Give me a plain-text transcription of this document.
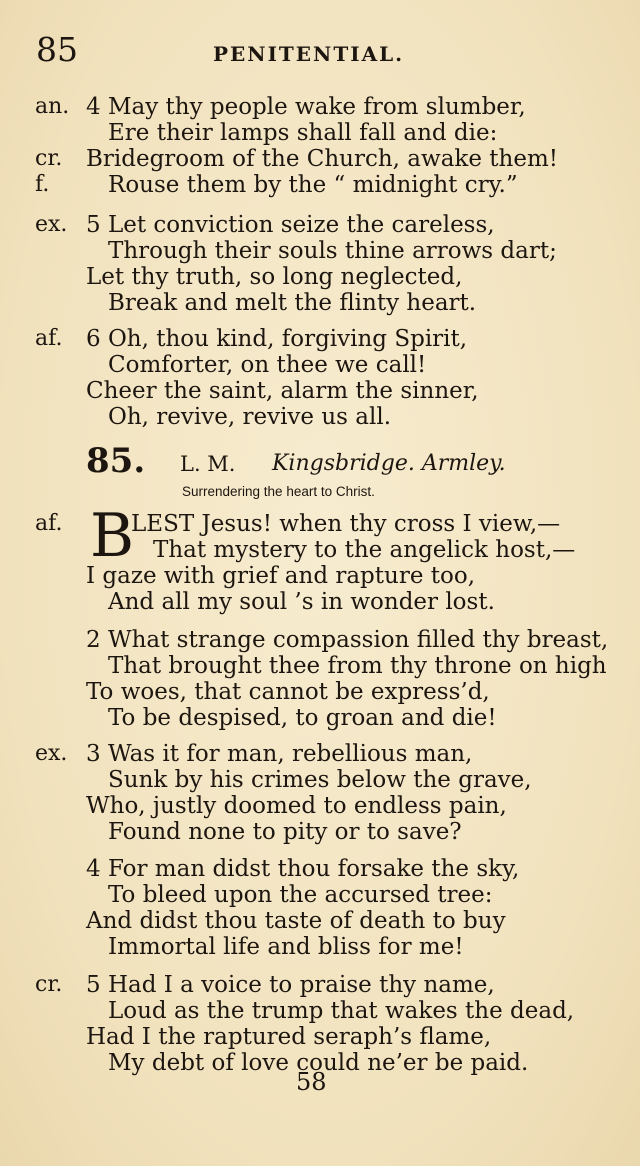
85	PENITENTIAL.
an. 4 May thy people wake from slumber,
Ere their lamps shall fall and die:
cr. Bridegroom of the Church, awake them!
f.	Rouse them by the “ midnight cry.”
ex. 5 Let conviction seize the careless,
Through their souls thine arrows dart;
Let thy truth, so long neglected,
Break and melt the flinty heart.
af. 6 Oh, thou kind, forgiving Spirit,
Comforter, on thee we call!
Cheer the saint, alarm the sinner,
Oh, revive, revive us all.
85. L. M. Kingsbridge. Armley.
Surrendering the heart to Christ.
af. B
LEST Jesus! when thy cross I view,—
That mystery to the angelick host,—
I gaze with grief and rapture too,
And all my soul ’s in wonder lost.
2 What strange compassion filled thy breast,
That brought thee from thy throne on high
To woes, that cannot be express’d,
To be despised, to groan and die!
ex. 3 Was it for man, rebellious man,
Sunk by his crimes below the grave,
Who, justly doomed to endless pain,
Found none to pity or to save?
4 For man didst thou forsake the sky,
To bleed upon the accursed tree:
And didst thou taste of death to buy
Immortal life and bliss for me!
cr. 5 Had I a voice to praise thy name,
Loud as the trump that wakes the dead,
Had I the raptured seraph’s flame,
My debt of love could ne’er be paid.
58
